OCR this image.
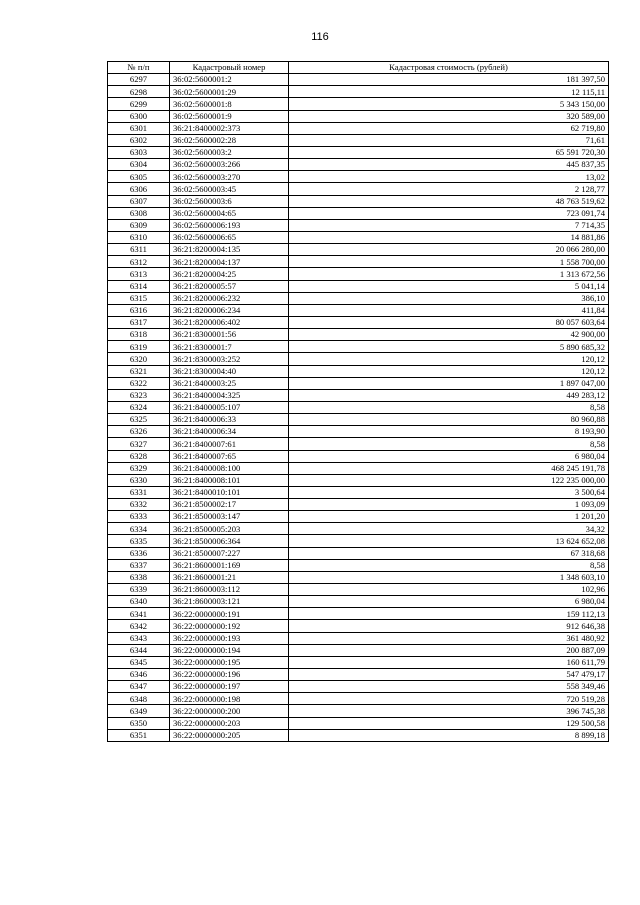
116
№ п/п	Кадастровый номер	Кадастровая стоимость (рублей)
6297	36:02:5600001:2	181 397,50
6298	36:02:5600001:29	12 115,11
6299	36:02:5600001:8	5 343 150,00
6300	36:02:5600001:9	320 589,00
6301	36:21:8400002:373	62 719,80
6302	36:02:5600002:28	71,61
6303	36:02:5600003:2	65 591 720,30
6304	36:02:5600003:266	445 837,35
6305	36:02:5600003:270	13,02
6306	36:02:5600003:45	2 128,77
6307	36:02:5600003:6	48 763 519,62
6308	36:02:5600004:65	723 091,74
6309	36:02:5600006:193	7 714,35
6310	36:02:5600006:65	14 881,86
6311	36:21:8200004:135	20 066 280,00
6312	36:21:8200004:137	1 558 700,00
6313	36:21:8200004:25	1 313 672,56
6314	36:21:8200005:57	5 041,14
6315	36:21:8200006:232	386,10
6316	36:21:8200006:234	411,84
6317	36:21:8200006:402	80 057 603,64
6318	36:21:8300001:56	42 900,00
6319	36:21:8300001:7	5 890 685,32
6320	36:21:8300003:252	120,12
6321	36:21:8300004:40	120,12
6322	36:21:8400003:25	1 897 047,00
6323	36:21:8400004:325	449 283,12
6324	36:21:8400005:107	8,58
6325	36:21:8400006:33	80 960,88
6326	36:21:8400006:34	8 193,90
6327	36:21:8400007:61	8,58
6328	36:21:8400007:65	6 980,04
6329	36:21:8400008:100	468 245 191,78
6330	36:21:8400008:101	122 235 000,00
6331	36:21:8400010:101	3 500,64
6332	36:21:8500002:17	1 093,09
6333	36:21:8500003:147	1 201,20
6334	36:21:8500005:203	34,32
6335	36:21:8500006:364	13 624 652,08
6336	36:21:8500007:227	67 318,68
6337	36:21:8600001:169	8,58
6338	36:21:8600001:21	1 348 603,10
6339	36:21:8600003:112	102,96
6340	36:21:8600003:121	6 980,04
6341	36:22:0000000:191	159 112,13
6342	36:22:0000000:192	912 646,38
6343	36:22:0000000:193	361 480,92
6344	36:22:0000000:194	200 887,09
6345	36:22:0000000:195	160 611,79
6346	36:22:0000000:196	547 479,17
6347	36:22:0000000:197	558 349,46
6348	36:22:0000000:198	720 519,28
6349	36:22:0000000:200	396 745,38
6350	36:22:0000000:203	129 500,58
6351	36:22:0000000:205	8 899,18
